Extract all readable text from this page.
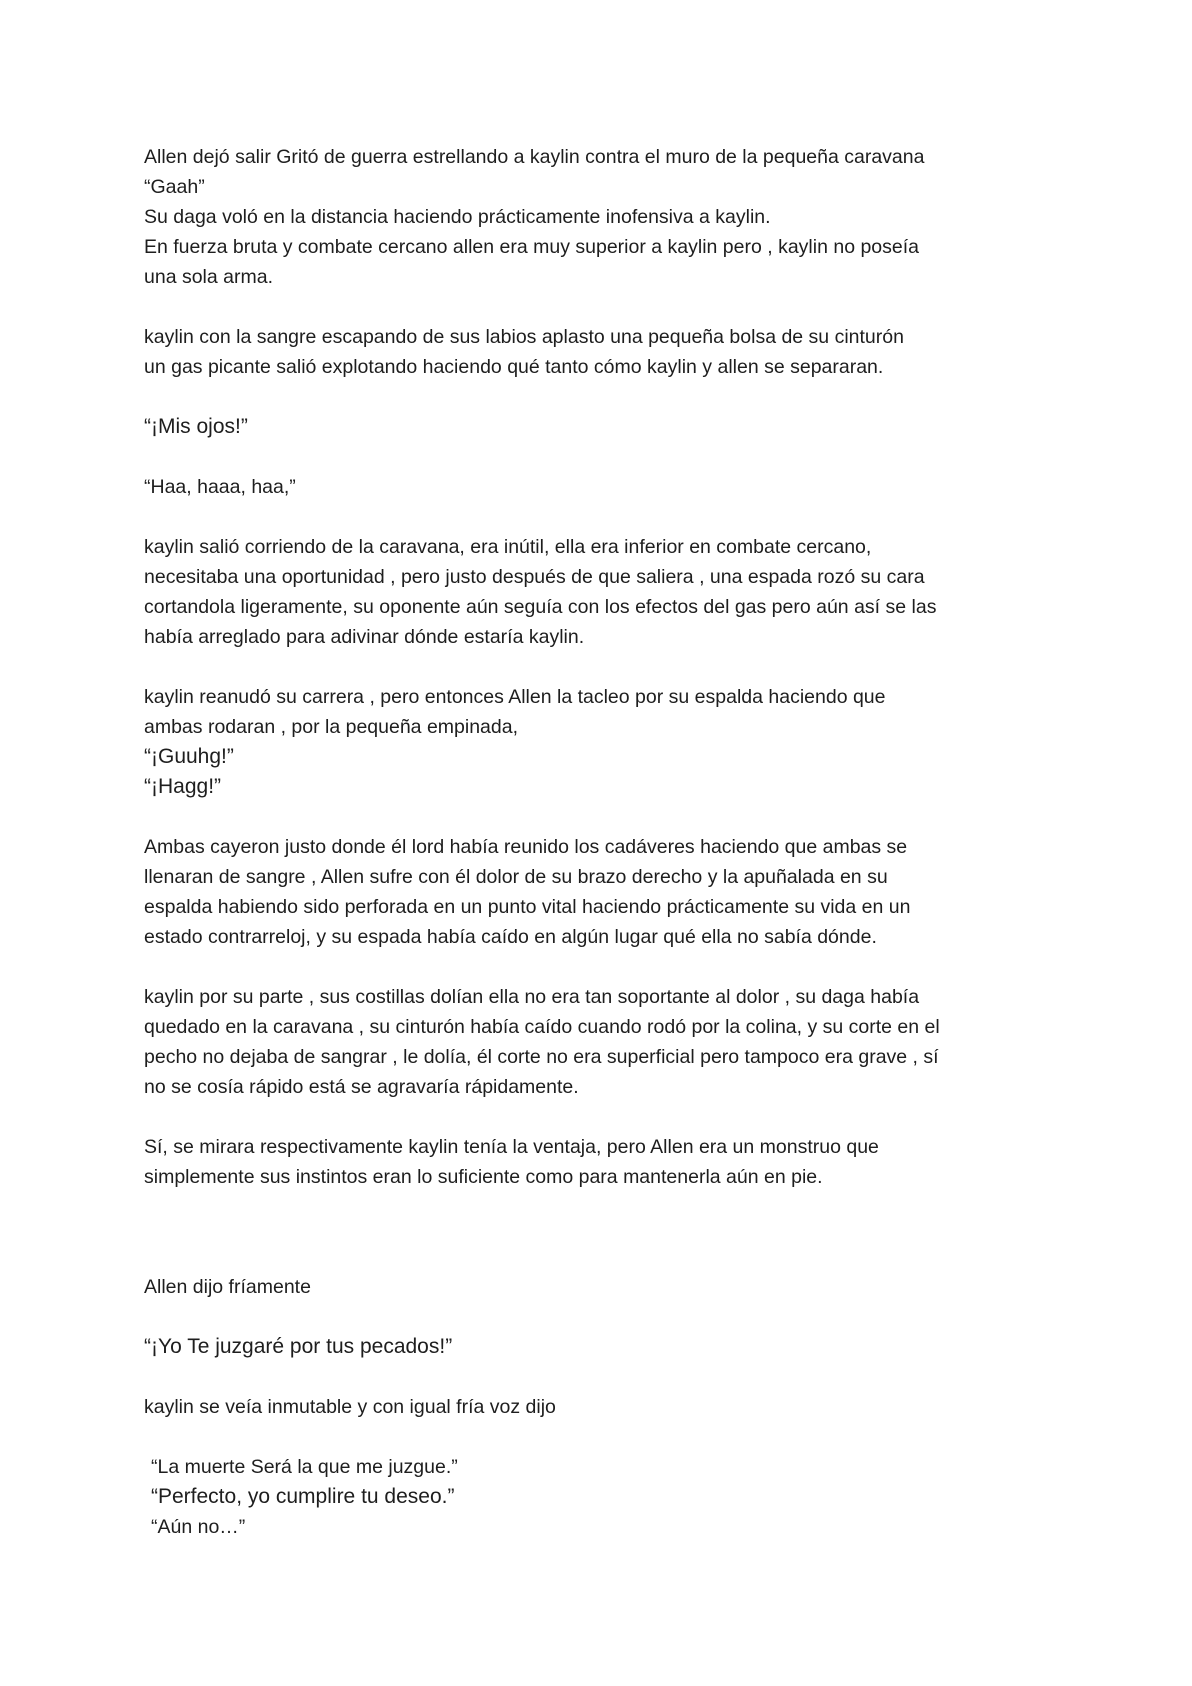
Allen dejó salir Gritó de guerra estrellando a kaylin contra el muro de la pequeña caravana
“Gaah”
Su daga voló en la distancia haciendo prácticamente inofensiva a kaylin.
En fuerza bruta y combate cercano allen era muy superior a kaylin pero , kaylin no poseía
una sola arma.
kaylin con la sangre escapando de sus labios aplasto una pequeña bolsa de su cinturón
un gas picante salió explotando haciendo qué tanto cómo kaylin y allen se separaran.
“¡Mis ojos!”
“Haa, haaa, haa,”
kaylin salió corriendo de la caravana, era inútil, ella era inferior en combate cercano,
necesitaba una oportunidad , pero justo después de que saliera , una espada rozó su cara
cortandola ligeramente, su oponente aún seguía con los efectos del gas pero aún así se las
había arreglado para adivinar dónde estaría kaylin.
kaylin reanudó su carrera , pero entonces Allen la tacleo por su espalda haciendo que
ambas rodaran , por la pequeña empinada,
“¡Guuhg!”
“¡Hagg!”
Ambas cayeron justo donde él lord había reunido los cadáveres haciendo que ambas se
llenaran de sangre , Allen sufre con él dolor de su brazo derecho y la apuñalada en su
espalda habiendo sido perforada en un punto vital haciendo prácticamente su vida en un
estado contrarreloj, y su espada había caído en algún lugar qué ella no sabía dónde.
kaylin por su parte , sus costillas dolían ella no era tan soportante al dolor , su daga había
quedado en la caravana , su cinturón había caído cuando rodó por la colina, y su corte en el
pecho no dejaba de sangrar , le dolía, él corte no era superficial pero tampoco era grave , sí
no se cosía rápido está se agravaría rápidamente.
Sí, se mirara respectivamente kaylin tenía la ventaja, pero Allen era un monstruo que
simplemente sus instintos eran lo suficiente como para mantenerla aún en pie.
Allen dijo fríamente
“¡Yo Te juzgaré por tus pecados!”
kaylin se veía inmutable y con igual fría voz dijo
“La muerte Será la que me juzgue.”
“Perfecto, yo cumplire tu deseo.”
“Aún no…”
